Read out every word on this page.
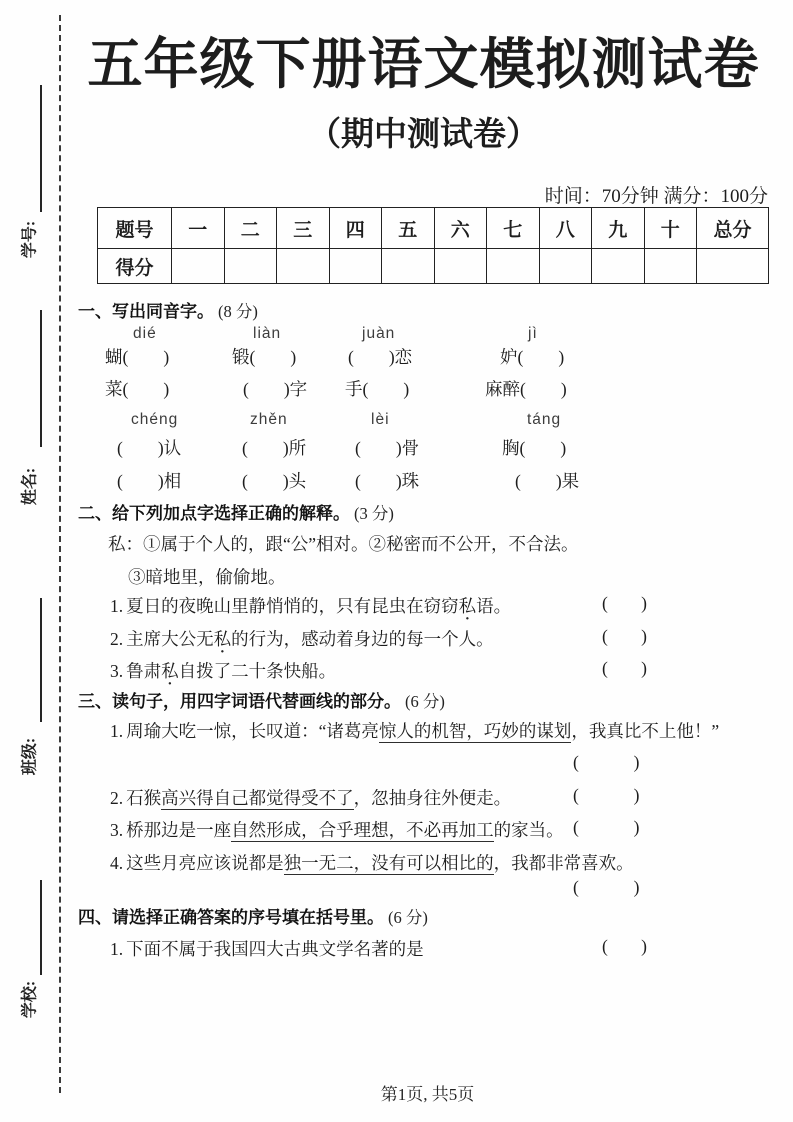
学号:
姓名:
班级:
学校:
五年级下册语文模拟测试卷
（期中测试卷）
时间：70分钟 满分：100分
题号	一	二	三	四	五	六	七	八	九	十	总分
得分											
一、写出同音字。 (8 分)
dié	liàn	juàn	jì
蝴(        )	锻(        )	(        )恋	妒(        )
菜(        )	(        )字 手(        )	麻醉(        )
chéng	zhěn	lèi	táng
(        )认	(        )所	(        )骨	胸(        )
(        )相	(        )头	(        )珠	(        )果
二、给下列加点字选择正确的解释。 (3 分)
私：①属于个人的，跟“公”相对。②秘密而不公开，不合法。
③暗地里，偷偷地。
1. 夏日的夜晚山里静悄悄的，只有昆虫在窃窃私语。	(      )
2. 主席大公无私的行为，感动着身边的每一个人。	(      )
3. 鲁肃私自拨了二十条快船。	(      )
三、读句子，用四字词语代替画线的部分。 (6 分)
1. 周瑜大吃一惊，长叹道：“诸葛亮惊人的机智，巧妙的谋划，我真比不上他！”
(          )
2. 石猴高兴得自己都觉得受不了，忽抽身往外便走。	(          )
3. 桥那边是一座自然形成，合乎理想，不必再加工的家当。 (          )
4. 这些月亮应该说都是独一无二，没有可以相比的，我都非常喜欢。
(          )
四、请选择正确答案的序号填在括号里。 (6 分)
1. 下面不属于我国四大古典文学名著的是	(      )
第1页, 共5页
